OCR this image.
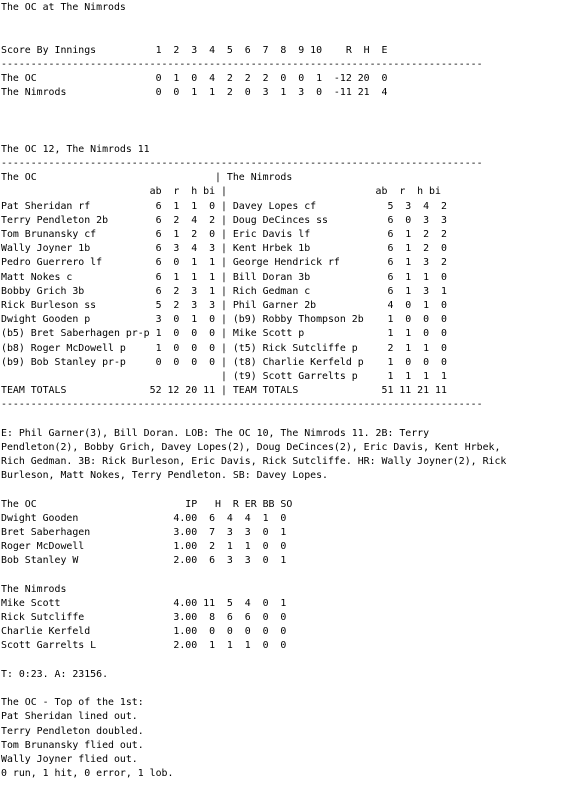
The OC at The Nimrods
Score By Innings          1  2  3  4  5  6  7  8  9 10    R  H  E
---------------------------------------------------------------------------------
The OC                    0  1  0  4  2  2  2  0  0  1  -12 20  0
The Nimrods               0  0  1  1  2  0  3  1  3  0  -11 21  4
The OC 12, The Nimrods 11
---------------------------------------------------------------------------------
The OC                              | The Nimrods
ab  r  h bi |                         ab  r  h bi
Pat Sheridan rf           6  1  1  0 | Davey Lopes cf            5  3  4  2
Terry Pendleton 2b        6  2  4  2 | Doug DeCinces ss          6  0  3  3
Tom Brunansky cf          6  1  2  0 | Eric Davis lf             6  1  2  2
Wally Joyner 1b           6  3  4  3 | Kent Hrbek 1b             6  1  2  0
Pedro Guerrero lf         6  0  1  1 | George Hendrick rf        6  1  3  2
Matt Nokes c              6  1  1  1 | Bill Doran 3b             6  1  1  0
Bobby Grich 3b            6  2  3  1 | Rich Gedman c             6  1  3  1
Rick Burleson ss          5  2  3  3 | Phil Garner 2b            4  0  1  0
Dwight Gooden p           3  0  1  0 | (b9) Robby Thompson 2b    1  0  0  0
(b5) Bret Saberhagen pr-p 1  0  0  0 | Mike Scott p              1  1  0  0
(b8) Roger McDowell p     1  0  0  0 | (t5) Rick Sutcliffe p     2  1  1  0
(b9) Bob Stanley pr-p     0  0  0  0 | (t8) Charlie Kerfeld p    1  0  0  0
| (t9) Scott Garrelts p     1  1  1  1
TEAM TOTALS              52 12 20 11 | TEAM TOTALS              51 11 21 11
---------------------------------------------------------------------------------
E: Phil Garner(3), Bill Doran. LOB: The OC 10, The Nimrods 11. 2B: Terry
Pendleton(2), Bobby Grich, Davey Lopes(2), Doug DeCinces(2), Eric Davis, Kent Hrbek,
Rich Gedman. 3B: Rick Burleson, Eric Davis, Rick Sutcliffe. HR: Wally Joyner(2), Rick
Burleson, Matt Nokes, Terry Pendleton. SB: Davey Lopes.
The OC                         IP   H  R ER BB SO
Dwight Gooden                4.00  6  4  4  1  0
Bret Saberhagen              3.00  7  3  3  0  1
Roger McDowell               1.00  2  1  1  0  0
Bob Stanley W                2.00  6  3  3  0  1
The Nimrods
Mike Scott                   4.00 11  5  4  0  1
Rick Sutcliffe               3.00  8  6  6  0  0
Charlie Kerfeld              1.00  0  0  0  0  0
Scott Garrelts L             2.00  1  1  1  0  0
T: 0:23. A: 23156.
The OC - Top of the 1st:
Pat Sheridan lined out.
Terry Pendleton doubled.
Tom Brunansky flied out.
Wally Joyner flied out.
0 run, 1 hit, 0 error, 1 lob.
